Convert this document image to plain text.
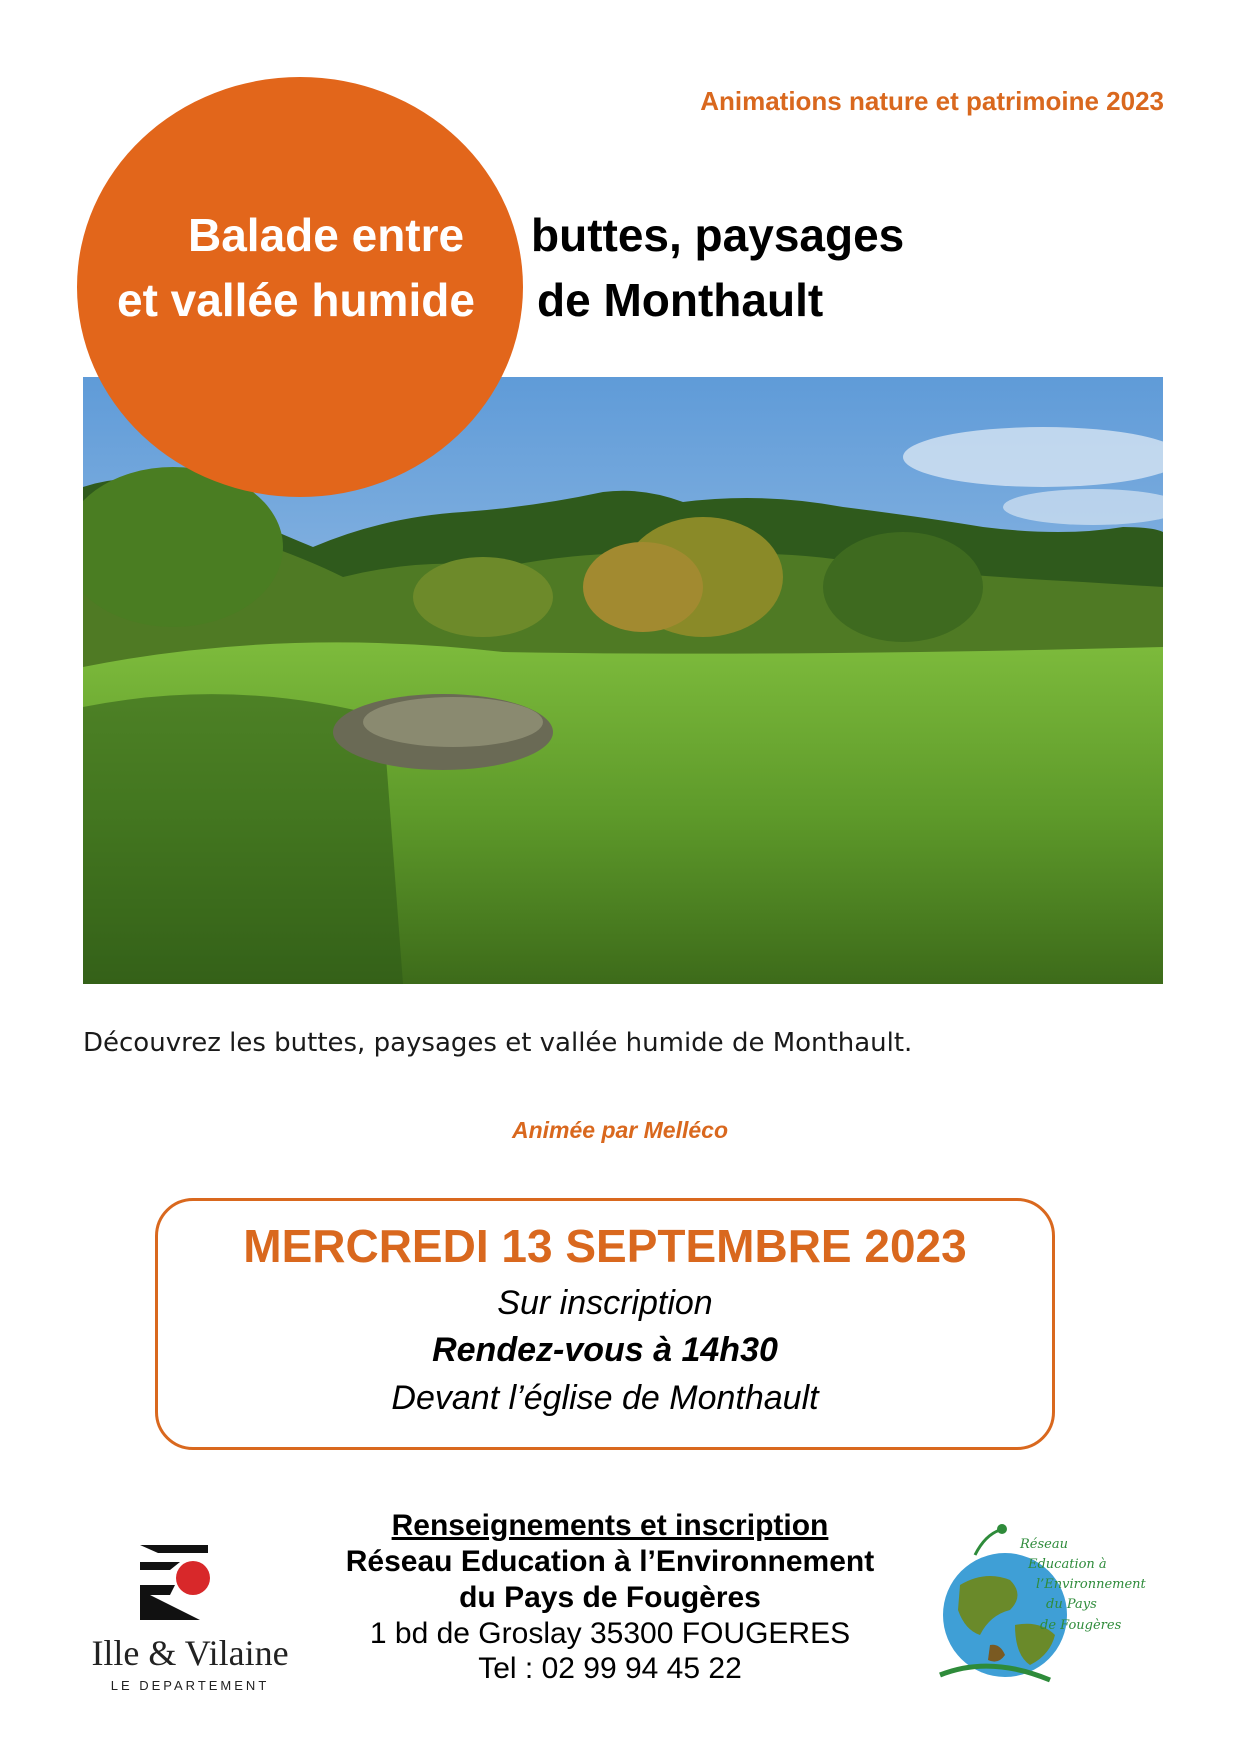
Animations nature et patrimoine 2023
Balade entre buttes, paysages
et vallée humide de Monthault
Découvrez les buttes, paysages et vallée humide de Monthault.
Animée par Melléco
MERCREDI 13 SEPTEMBRE 2023
Sur inscription
Rendez-vous à 14h30
Devant l’église de Monthault
Renseignements et inscription
Réseau Education à l’Environnement
du Pays de Fougères
1 bd de Groslay 35300 FOUGERES
Tel : 02 99 94 45 22
Ille & Vilaine
LE DEPARTEMENT
Réseau
Education à
l’Environnement
du Pays
de Fougères
